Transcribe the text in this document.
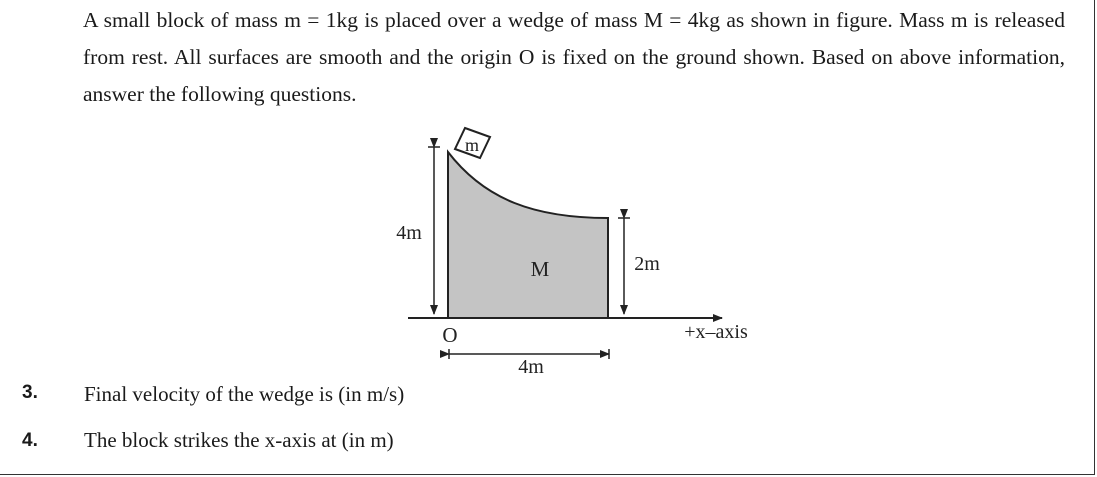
A small block of mass m = 1kg is placed over a wedge of mass M = 4kg as shown in figure. Mass m is released from rest. All surfaces are smooth and the origin O is fixed on the ground shown. Based on above information, answer the following questions.
m
4m
2m
M
O	+x–axis
4m
3. Final velocity of the wedge is (in m/s)
4. The block strikes the x-axis at (in m)
